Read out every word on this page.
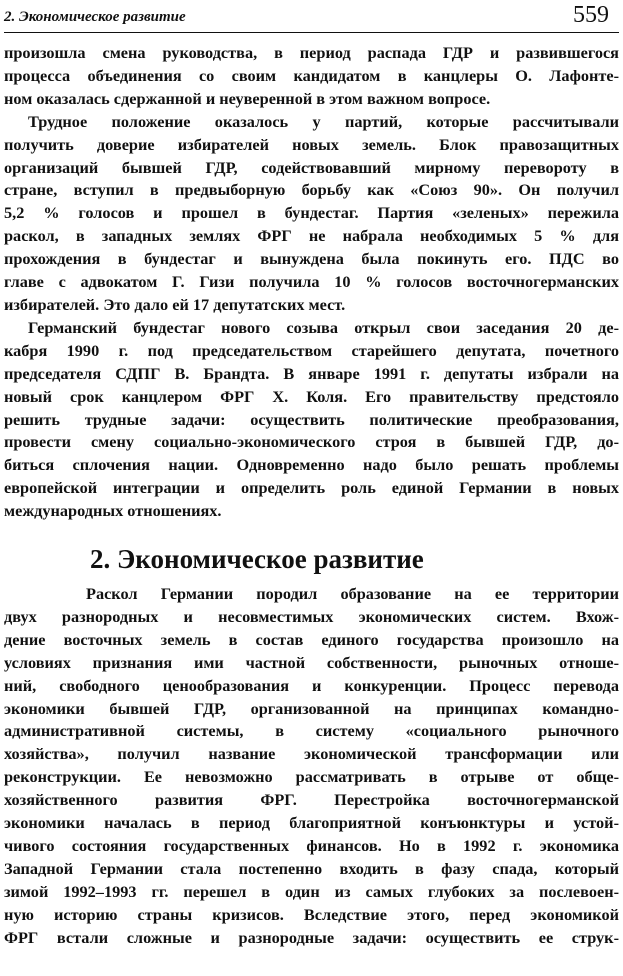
2. Экономическое развитие	559
произошла смена руководства, в период распада ГДР и развившегося
процесса объединения со своим кандидатом в канцлеры О. Лафонте-
ном оказалась сдержанной и неуверенной в этом важном вопросе.
Трудное положение оказалось у партий, которые рассчитывали
получить доверие избирателей новых земель. Блок правозащитных
организаций бывшей ГДР, содействовавший мирному перевороту в
стране, вступил в предвыборную борьбу как «Союз 90». Он получил
5,2 % голосов и прошел в бундестаг. Партия «зеленых» пережила
раскол, в западных землях ФРГ не набрала необходимых 5 % для
прохождения в бундестаг и вынуждена была покинуть его. ПДС во
главе с адвокатом Г. Гизи получила 10 % голосов восточногерманских
избирателей. Это дало ей 17 депутатских мест.
Германский бундестаг нового созыва открыл свои заседания 20 де-
кабря 1990 г. под председательством старейшего депутата, почетного
председателя СДПГ В. Брандта. В январе 1991 г. депутаты избрали на
новый срок канцлером ФРГ Х. Коля. Его правительству предстояло
решить трудные задачи: осуществить политические преобразования,
провести смену социально-экономического строя в бывшей ГДР, до-
биться сплочения нации. Одновременно надо было решать проблемы
европейской интеграции и определить роль единой Германии в новых
международных отношениях.
2. Экономическое развитие
Раскол Германии породил образование на ее территории
двух разнородных и несовместимых экономических систем. Вхож-
дение восточных земель в состав единого государства произошло на
условиях признания ими частной собственности, рыночных отноше-
ний, свободного ценообразования и конкуренции. Процесс перевода
экономики бывшей ГДР, организованной на принципах командно-
административной системы, в систему «социального рыночного
хозяйства», получил название экономической трансформации или
реконструкции. Ее невозможно рассматривать в отрыве от обще-
хозяйственного развития ФРГ. Перестройка восточногерманской
экономики началась в период благоприятной конъюнктуры и устой-
чивого состояния государственных финансов. Но в 1992 г. экономика
Западной Германии стала постепенно входить в фазу спада, который
зимой 1992–1993 гг. перешел в один из самых глубоких за послевоен-
ную историю страны кризисов. Вследствие этого, перед экономикой
ФРГ встали сложные и разнородные задачи: осуществить ее струк-
